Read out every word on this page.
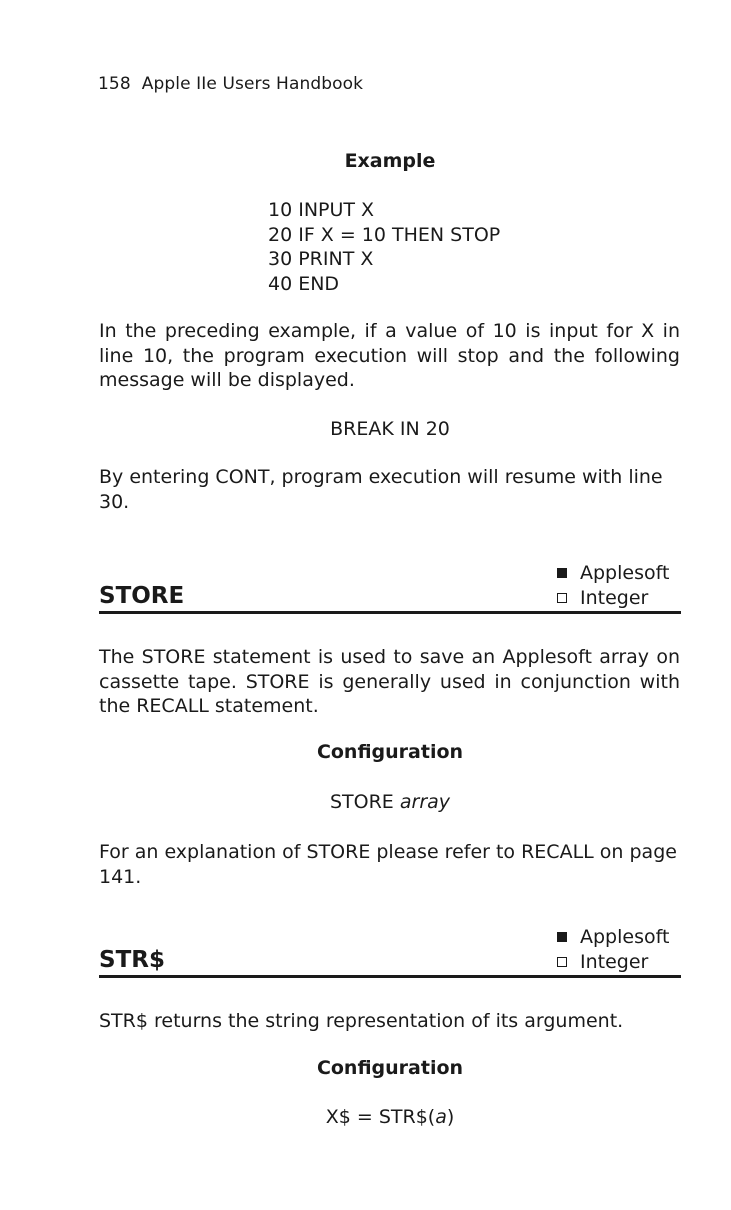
158 Apple IIe Users Handbook
Example
10 INPUT X
20 IF X = 10 THEN STOP
30 PRINT X
40 END
In the preceding example, if a value of 10 is input for X in line 10, the program execution will stop and the following message will be displayed.
BREAK IN 20
By entering CONT, program execution will resume with line 30.
Applesoft
Integer
STORE
The STORE statement is used to save an Applesoft array on cassette tape. STORE is generally used in conjunction with the RECALL statement.
Configuration
STORE array
For an explanation of STORE please refer to RECALL on page 141.
Applesoft
Integer
STR$
STR$ returns the string representation of its argument.
Configuration
X$ = STR$(a)
